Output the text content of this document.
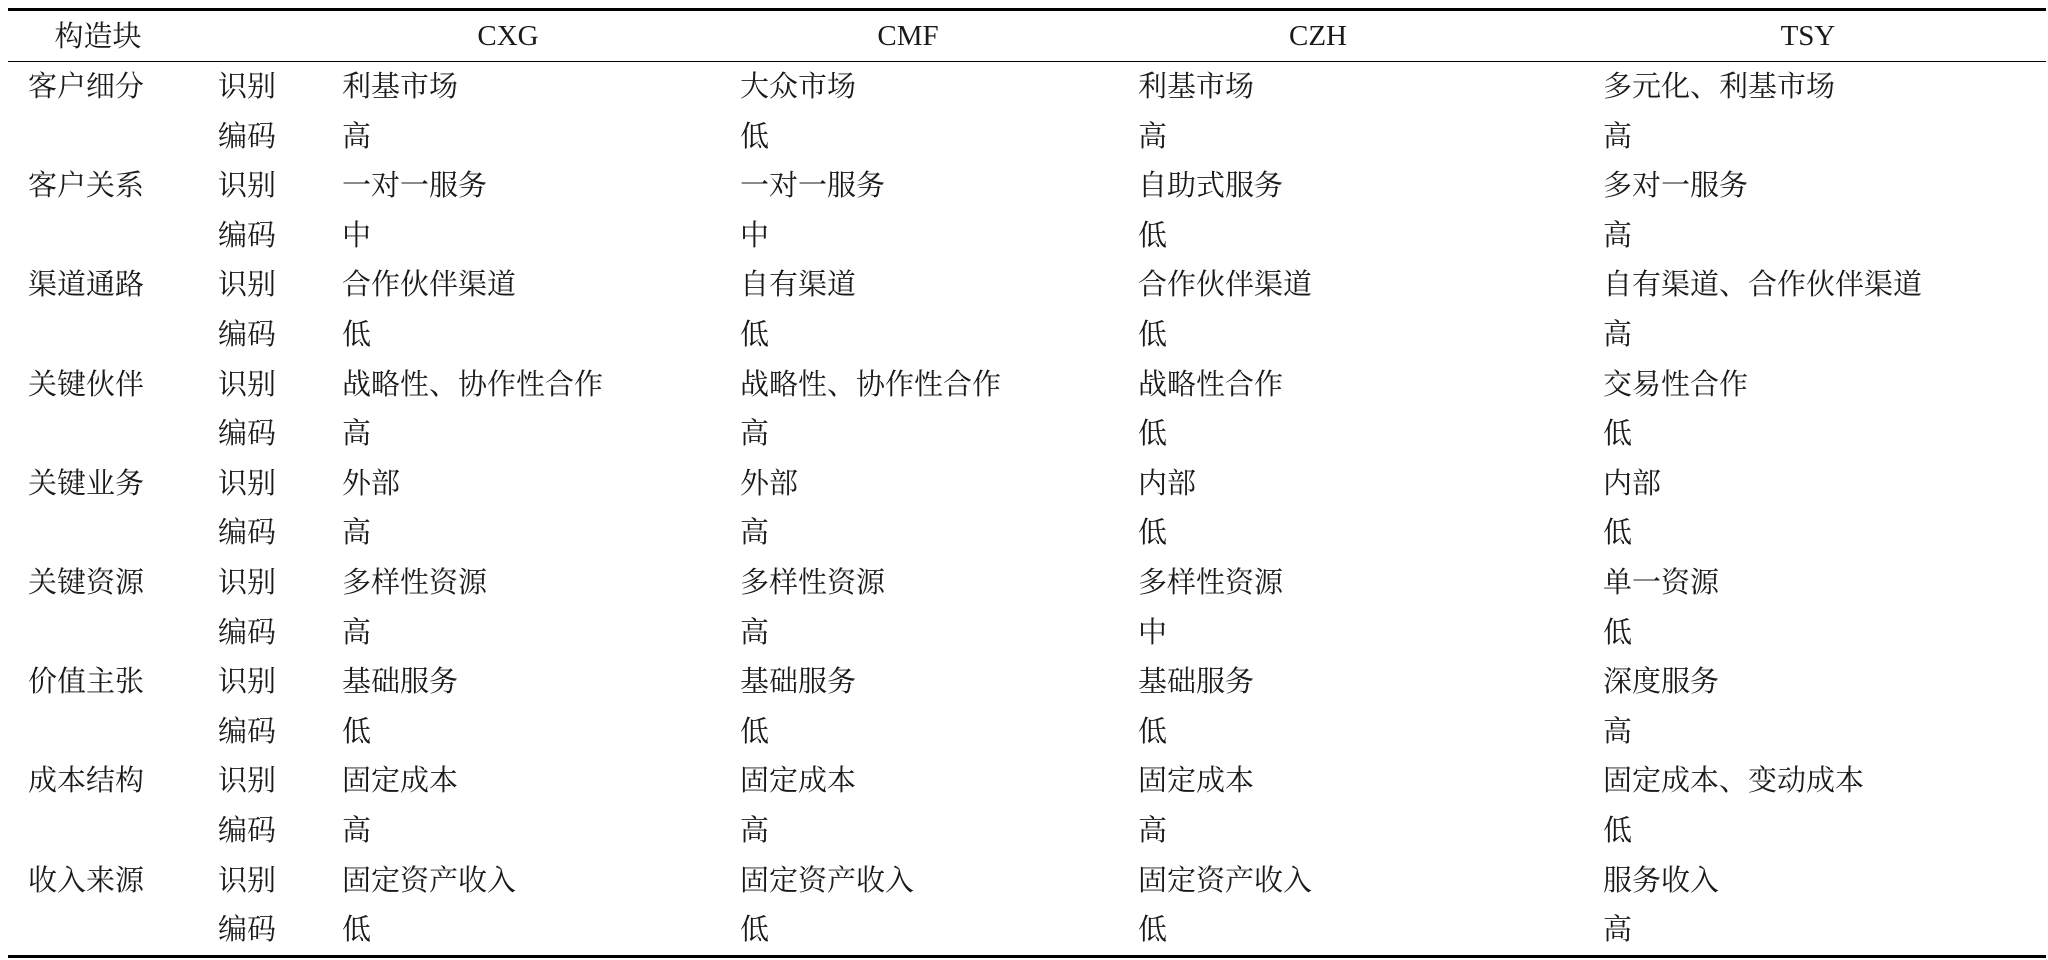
构造块	CXG	CMF	CZH	TSY
客户细分	识别 利基市场	大众市场	利基市场	多元化、利基市场
编码 高	低	高	高
客户关系	识别 一对一服务	一对一服务	自助式服务	多对一服务
编码 中	中	低	高
渠道通路	识别 合作伙伴渠道	自有渠道	合作伙伴渠道	自有渠道、合作伙伴渠道
编码 低	低	低	高
关键伙伴	识别 战略性、协作性合作	战略性、协作性合作	战略性合作	交易性合作
编码 高	高	低	低
关键业务	识别 外部	外部	内部	内部
编码 高	高	低	低
关键资源	识别 多样性资源	多样性资源	多样性资源	单一资源
编码 高	高	中	低
价值主张	识别 基础服务	基础服务	基础服务	深度服务
编码 低	低	低	高
成本结构	识别 固定成本	固定成本	固定成本	固定成本、变动成本
编码 高	高	高	低
收入来源	识别 固定资产收入	固定资产收入	固定资产收入	服务收入
编码 低	低	低	高
